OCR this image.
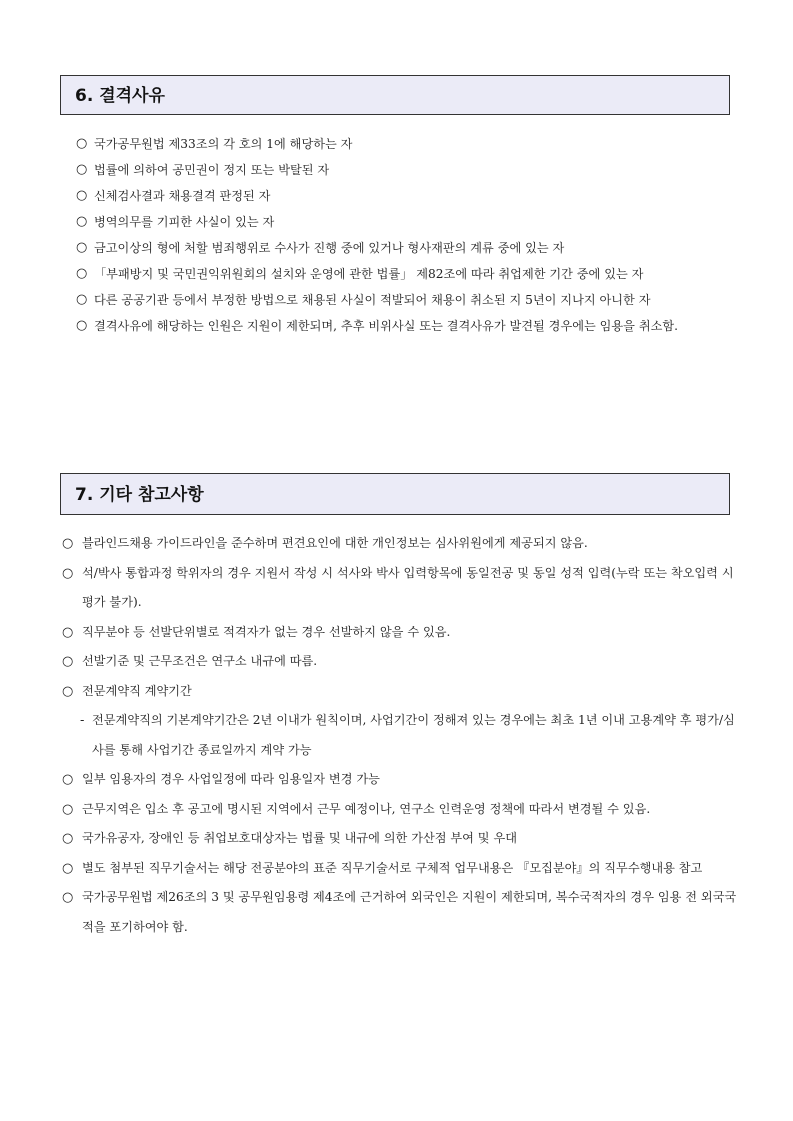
6. 결격사유
○ 국가공무원법 제33조의 각 호의 1에 해당하는 자
○ 법률에 의하여 공민권이 정지 또는 박탈된 자
○ 신체검사결과 채용결격 판정된 자
○ 병역의무를 기피한 사실이 있는 자
○ 금고이상의 형에 처할 범죄행위로 수사가 진행 중에 있거나 형사재판의 계류 중에 있는 자
○ 「부패방지 및 국민권익위원회의 설치와 운영에 관한 법률」 제82조에 따라 취업제한 기간 중에 있는 자
○ 다른 공공기관 등에서 부정한 방법으로 채용된 사실이 적발되어 채용이 취소된 지 5년이 지나지 아니한 자
○ 결격사유에 해당하는 인원은 지원이 제한되며, 추후 비위사실 또는 결격사유가 발견될 경우에는 임용을 취소함.
7. 기타 참고사항
○ 블라인드채용 가이드라인을 준수하며 편견요인에 대한 개인정보는 심사위원에게 제공되지 않음.
○ 석/박사 통합과정 학위자의 경우 지원서 작성 시 석사와 박사 입력항목에 동일전공 및 동일 성적 입력(누락 또는 착오입력 시 평가 불가).
○ 직무분야 등 선발단위별로 적격자가 없는 경우 선발하지 않을 수 있음.
○ 선발기준 및 근무조건은 연구소 내규에 따름.
○ 전문계약직 계약기간
- 전문계약직의 기본계약기간은 2년 이내가 원칙이며, 사업기간이 정해져 있는 경우에는 최초 1년 이내 고용계약 후 평가/심사를 통해 사업기간 종료일까지 계약 가능
○ 일부 임용자의 경우 사업일정에 따라 임용일자 변경 가능
○ 근무지역은 입소 후 공고에 명시된 지역에서 근무 예정이나, 연구소 인력운영 정책에 따라서 변경될 수 있음.
○ 국가유공자, 장애인 등 취업보호대상자는 법률 및 내규에 의한 가산점 부여 및 우대
○ 별도 첨부된 직무기술서는 해당 전공분야의 표준 직무기술서로 구체적 업무내용은 『모집분야』의 직무수행내용 참고
○ 국가공무원법 제26조의 3 및 공무원임용령 제4조에 근거하여 외국인은 지원이 제한되며, 복수국적자의 경우 임용 전 외국국적을 포기하여야 함.
